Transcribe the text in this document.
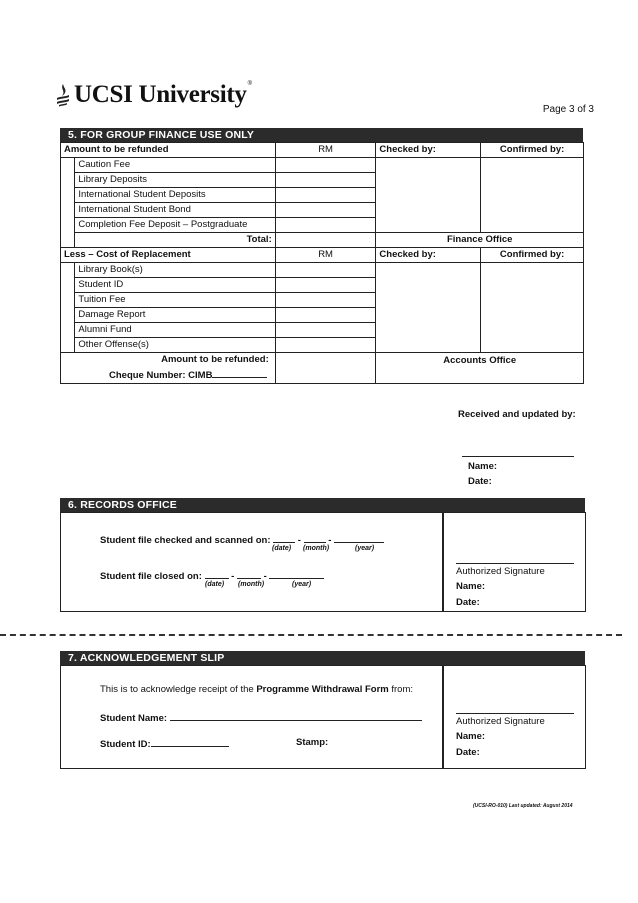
UCSI University ®
Page 3 of 3
5. FOR GROUP FINANCE USE ONLY
Amount to be refunded		RM	Checked by:	Confirmed by:
	Caution Fee			
	Library Deposits			
	International Student Deposits			
	International Student Bond			
	Completion Fee Deposit – Postgraduate			
	Total:		Finance Office	
Less – Cost of Replacement		RM	Checked by:	Confirmed by:
	Library Book(s)			
	Student ID			
	Tuition Fee			
	Damage Report			
	Alumni Fund			
	Other Offense(s)			

Amount to be refunded:
Cheque Number: CIMB			Accounts Office	
Received and updated by:
Name:
Date:
6. RECORDS OFFICE
Student file checked and scanned on:	-  -
(date) (month)	(year)
Student file closed on:	-	-
(date) (month)	(year)
Authorized Signature
Name:
Date:
7. ACKNOWLEDGEMENT SLIP
This is to acknowledge receipt of the Programme Withdrawal Form from:
Student Name:
Student ID:	Stamp:
Authorized Signature
Name:
Date:
(UCSI-RO-010) Last updated: August 2014
